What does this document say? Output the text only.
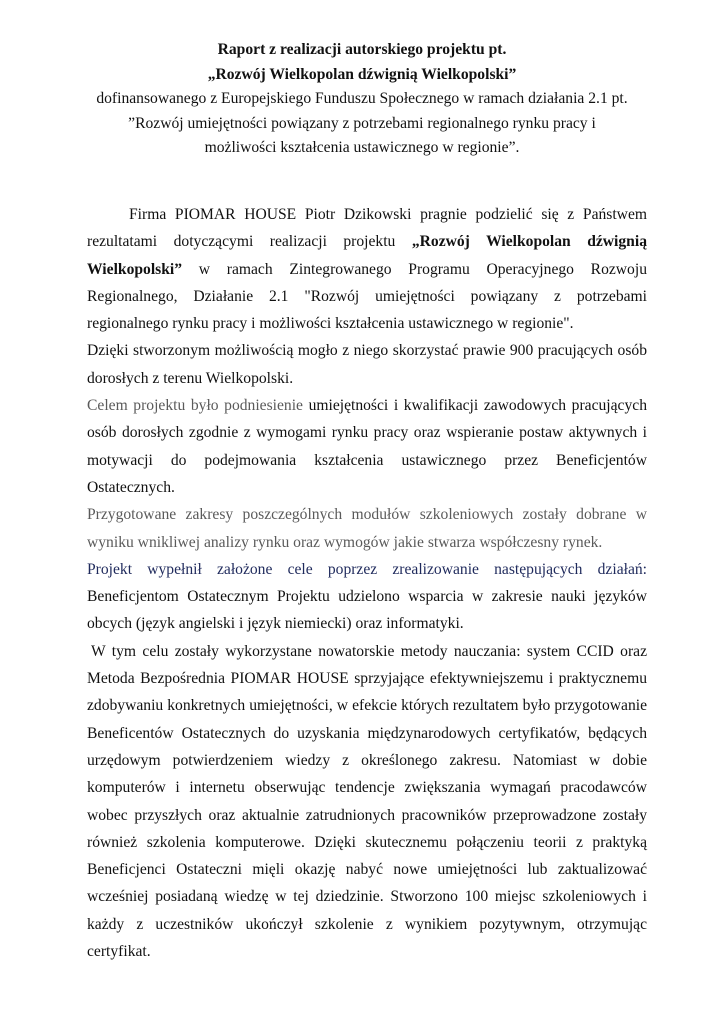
Raport z realizacji autorskiego projektu pt.
„Rozwój Wielkopolan dźwignią Wielkopolski”
dofinansowanego z Europejskiego Funduszu Społecznego w ramach działania 2.1 pt.
”Rozwój umiejętności powiązany z potrzebami regionalnego rynku pracy i
możliwości kształcenia ustawicznego w regionie”.

Firma PIOMAR HOUSE Piotr Dzikowski pragnie podzielić się z Państwem rezultatami dotyczącymi realizacji projektu „Rozwój Wielkopolan dźwignią Wielkopolski” w ramach Zintegrowanego Programu Operacyjnego Rozwoju Regionalnego, Działanie 2.1 "Rozwój umiejętności powiązany z potrzebami regionalnego rynku pracy i możliwości kształcenia ustawicznego w regionie".

Dzięki stworzonym możliwością mogło z niego skorzystać prawie 900 pracujących osób dorosłych z terenu Wielkopolski.

Celem projektu było podniesienie umiejętności i kwalifikacji zawodowych pracujących osób dorosłych zgodnie z wymogami rynku pracy oraz wspieranie postaw aktywnych i motywacji do podejmowania kształcenia ustawicznego przez Beneficjentów Ostatecznych.

Przygotowane zakresy poszczególnych modułów szkoleniowych zostały dobrane w wyniku wnikliwej analizy rynku oraz wymogów jakie stwarza współczesny rynek.

Projekt wypełnił założone cele poprzez zrealizowanie następujących działań: Beneficjentom Ostatecznym Projektu udzielono wsparcia w zakresie nauki języków obcych (język angielski i język niemiecki) oraz informatyki.

W tym celu zostały wykorzystane nowatorskie metody nauczania: system CCID oraz Metoda Bezpośrednia PIOMAR HOUSE sprzyjające efektywniejszemu i praktycznemu zdobywaniu konkretnych umiejętności, w efekcie których rezultatem było przygotowanie Beneficentów Ostatecznych do uzyskania międzynarodowych certyfikatów, będących urzędowym potwierdzeniem wiedzy z określonego zakresu. Natomiast w dobie komputerów i internetu obserwując tendencje zwiększania wymagań pracodawców wobec przyszłych oraz aktualnie zatrudnionych pracowników przeprowadzone zostały również szkolenia komputerowe. Dzięki skutecznemu połączeniu teorii z praktyką Beneficjenci Ostateczni mięli okazję nabyć nowe umiejętności lub zaktualizować wcześniej posiadaną wiedzę w tej dziedzinie. Stworzono 100 miejsc szkoleniowych i każdy z uczestników ukończył szkolenie z wynikiem pozytywnym, otrzymując certyfikat.
